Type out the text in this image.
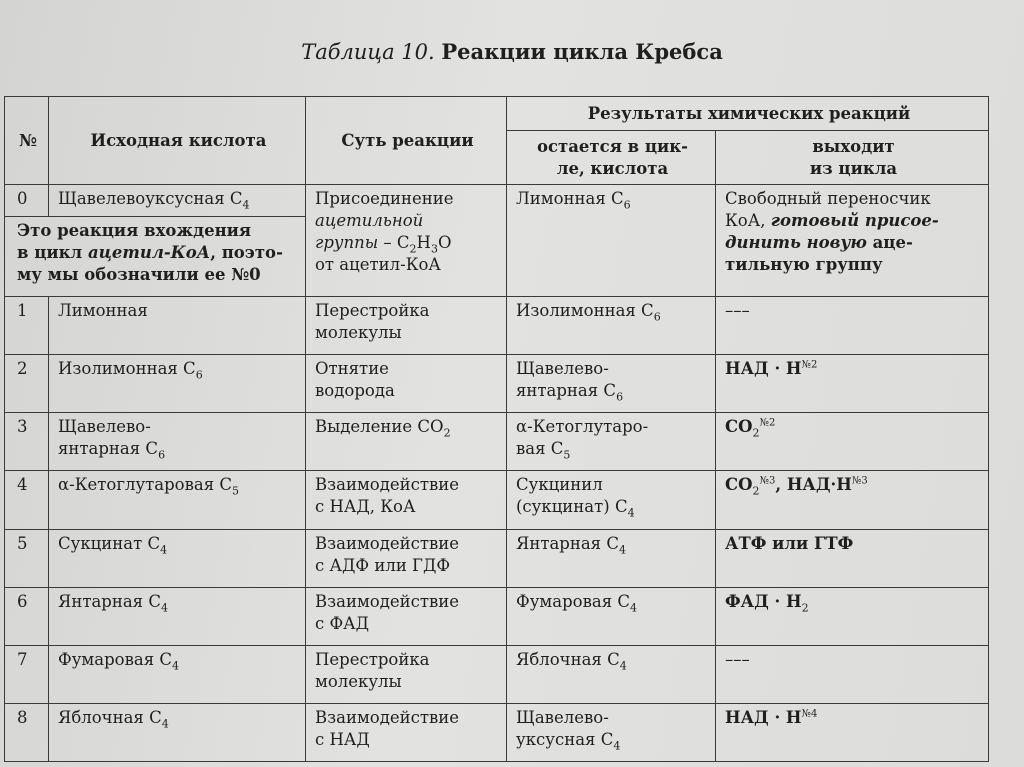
Таблица 10. Реакции цикла Кребса
№	Исходная кислота	Суть реакции	Результаты химических реакций	
			остается в цик-
ле, кислота	выходит
из цикла
0	Щавелевоуксусная $С_4$	Присоединение
ацетильной
группы – $С_2Н_3О$
от ацетил-КоА	Лимонная $С_6$	Свободный переносчик
КоА, готовый присое-
динить новую аце-
тильную группу
Это реакция вхождения
в цикл ацетил-КоА, поэто-
му мы обозначили ее №0				
1	Лимонная	Перестройка
молекулы	Изолимонная $С_6$	–––
2	Изолимонная $С_6$	Отнятие
водорода	Щавелево-
янтарная $С_6$	НАД · $Н^{№2}$
3	Щавелево-
янтарная $С_6$	Выделение $СО_2$	α-Кетоглутаро-
вая $С_5$	$СО_2^{№2}$
4	α-Кетоглутаровая $С_5$	Взаимодействие
с НАД, КоА	Сукцинил
(сукцинат) $С_4$	$СО_2^{№3}$, $НАД\cdot Н^{№3}$
5	Сукцинат $С_4$	Взаимодействие
с АДФ или ГДФ	Янтарная $С_4$	АТФ или ГТФ
6	Янтарная $С_4$	Взаимодействие
с ФАД	Фумаровая $С_4$	ФАД · $Н_2$
7	Фумаровая $С_4$	Перестройка
молекулы	Яблочная $С_4$	–––
8	Яблочная $С_4$	Взаимодействие
с НАД	Щавелево-
уксусная $С_4$	НАД · $Н^{№4}$
